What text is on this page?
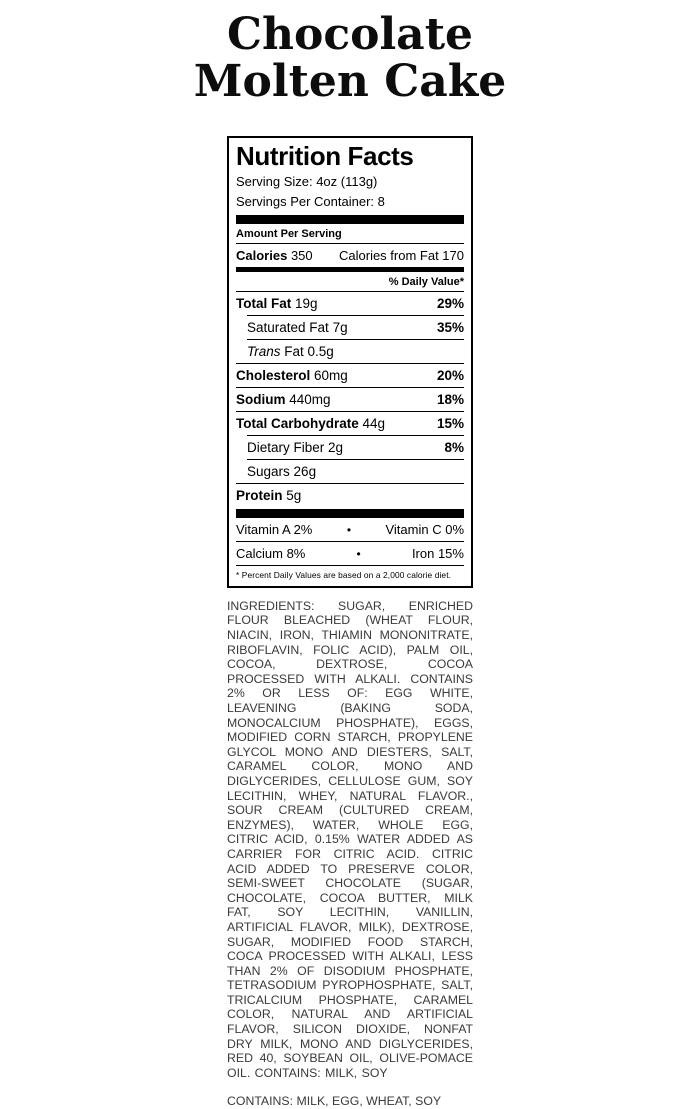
Chocolate
Molten Cake
Nutrition Facts
Serving Size: 4oz (113g)
Servings Per Container: 8
Amount Per Serving
Calories 350 Calories from Fat 170
% Daily Value*
Total Fat 19g	29%
Saturated Fat 7g	35%
Trans Fat 0.5g
Cholesterol 60mg	20%
Sodium 440mg	18%
Total Carbohydrate 44g	15%
Dietary Fiber 2g	8%
Sugars 26g
Protein 5g
Vitamin A 2%	•	Vitamin C 0%
Calcium 8%	•	Iron 15%
* Percent Daily Values are based on a 2,000 calorie diet.

INGREDIENTS: SUGAR, ENRICHED FLOUR BLEACHED (WHEAT FLOUR, NIACIN, IRON, THIAMIN MONONITRATE, RIBOFLAVIN, FOLIC ACID), PALM OIL, COCOA, DEXTROSE, COCOA PROCESSED WITH ALKALI. CONTAINS 2% OR LESS OF: EGG WHITE, LEAVENING (BAKING SODA, MONOCALCIUM PHOSPHATE), EGGS, MODIFIED CORN STARCH, PROPYLENE GLYCOL MONO AND DIESTERS, SALT, CARAMEL COLOR, MONO AND DIGLYCERIDES, CELLULOSE GUM, SOY LECITHIN, WHEY, NATURAL FLAVOR., SOUR CREAM (CULTURED CREAM, ENZYMES), WATER, WHOLE EGG, CITRIC ACID, 0.15% WATER ADDED AS CARRIER FOR CITRIC ACID. CITRIC ACID ADDED TO PRESERVE COLOR, SEMI-SWEET CHOCOLATE (SUGAR, CHOCOLATE, COCOA BUTTER, MILK FAT, SOY LECITHIN, VANILLIN, ARTIFICIAL FLAVOR, MILK), DEXTROSE, SUGAR, MODIFIED FOOD STARCH, COCA PROCESSED WITH ALKALI, LESS THAN 2% OF DISODIUM PHOSPHATE, TETRASODIUM PYROPHOSPHATE, SALT, TRICALCIUM PHOSPHATE, CARAMEL COLOR, NATURAL AND ARTIFICIAL FLAVOR, SILICON DIOXIDE, NONFAT DRY MILK, MONO AND DIGLYCERIDES, RED 40, SOYBEAN OIL, OLIVE-POMACE OIL. CONTAINS: MILK, SOY

CONTAINS: MILK, EGG, WHEAT, SOY
